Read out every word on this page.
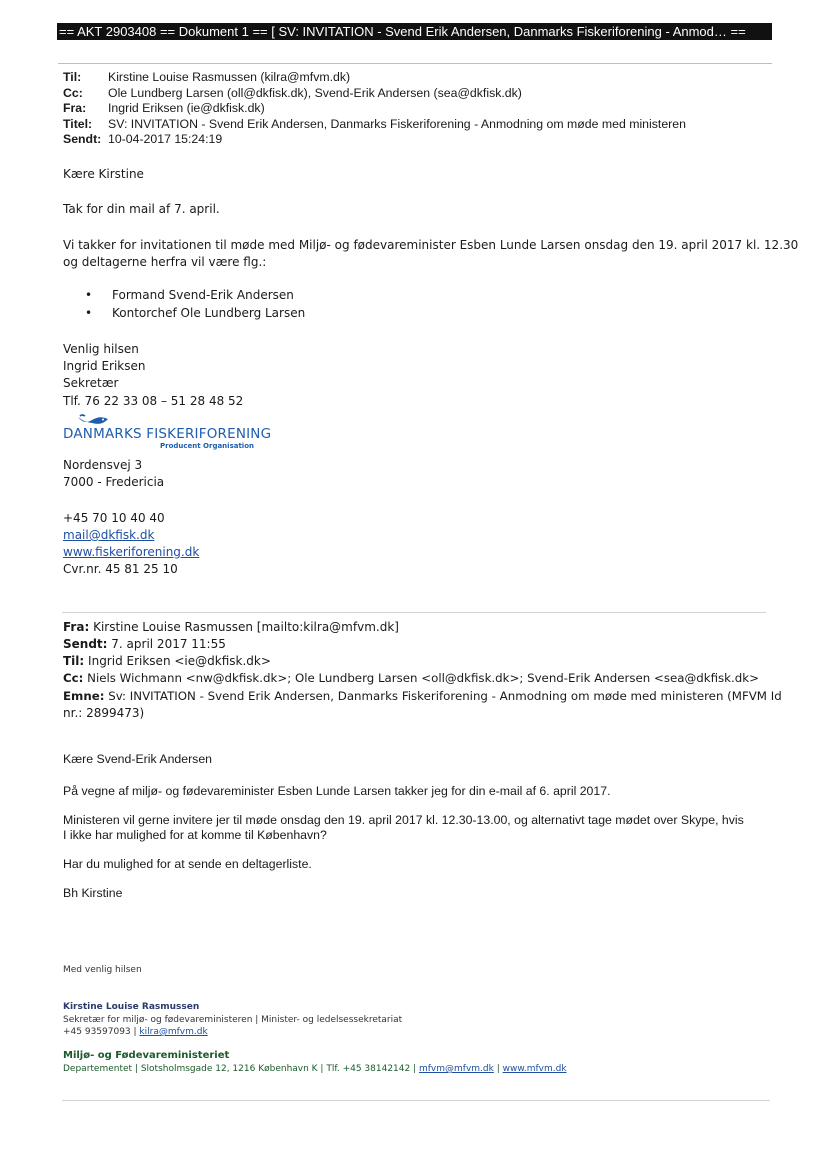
== AKT 2903408 == Dokument 1 == [ SV: INVITATION - Svend Erik Andersen, Danmarks Fiskeriforening - Anmod… ==
Til: Kirstine Louise Rasmussen (kilra@mfvm.dk)
Cc: Ole Lundberg Larsen (oll@dkfisk.dk), Svend-Erik Andersen (sea@dkfisk.dk)
Fra: Ingrid Eriksen (ie@dkfisk.dk)
Titel: SV: INVITATION - Svend Erik Andersen, Danmarks Fiskeriforening - Anmodning om møde med ministeren
Sendt: 10-04-2017 15:24:19
Kære Kirstine
Tak for din mail af 7. april.
Vi takker for invitationen til møde med Miljø- og fødevareminister Esben Lunde Larsen onsdag den 19. april 2017 kl. 12.30
og deltagerne herfra vil være flg.:
• Formand Svend-Erik Andersen
• Kontorchef Ole Lundberg Larsen
Venlig hilsen
Ingrid Eriksen
Sekretær
Tlf. 76 22 33 08 – 51 28 48 52
DANMARKS FISKERIFORENING
Producent Organisation
Nordensvej 3
7000 - Fredericia
+45 70 10 40 40
mail@dkfisk.dk
www.fiskeriforening.dk
Cvr.nr. 45 81 25 10
Fra: Kirstine Louise Rasmussen [mailto:kilra@mfvm.dk]
Sendt: 7. april 2017 11:55
Til: Ingrid Eriksen <ie@dkfisk.dk>
Cc: Niels Wichmann <nw@dkfisk.dk>; Ole Lundberg Larsen <oll@dkfisk.dk>; Svend-Erik Andersen <sea@dkfisk.dk>
Emne: Sv: INVITATION - Svend Erik Andersen, Danmarks Fiskeriforening - Anmodning om møde med ministeren (MFVM Id
nr.: 2899473)
Kære Svend-Erik Andersen
På vegne af miljø- og fødevareminister Esben Lunde Larsen takker jeg for din e-mail af 6. april 2017.
Ministeren vil gerne invitere jer til møde onsdag den 19. april 2017 kl. 12.30-13.00, og alternativt tage mødet over Skype, hvis
I ikke har mulighed for at komme til København?
Har du mulighed for at sende en deltagerliste.
Bh Kirstine
Med venlig hilsen
Kirstine Louise Rasmussen
Sekretær for miljø- og fødevareministeren | Minister- og ledelsessekretariat
+45 93597093 | kilra@mfvm.dk
Miljø- og Fødevareministeriet
Departementet | Slotsholmsgade 12, 1216 København K | Tlf. +45 38142142 | mfvm@mfvm.dk | www.mfvm.dk
